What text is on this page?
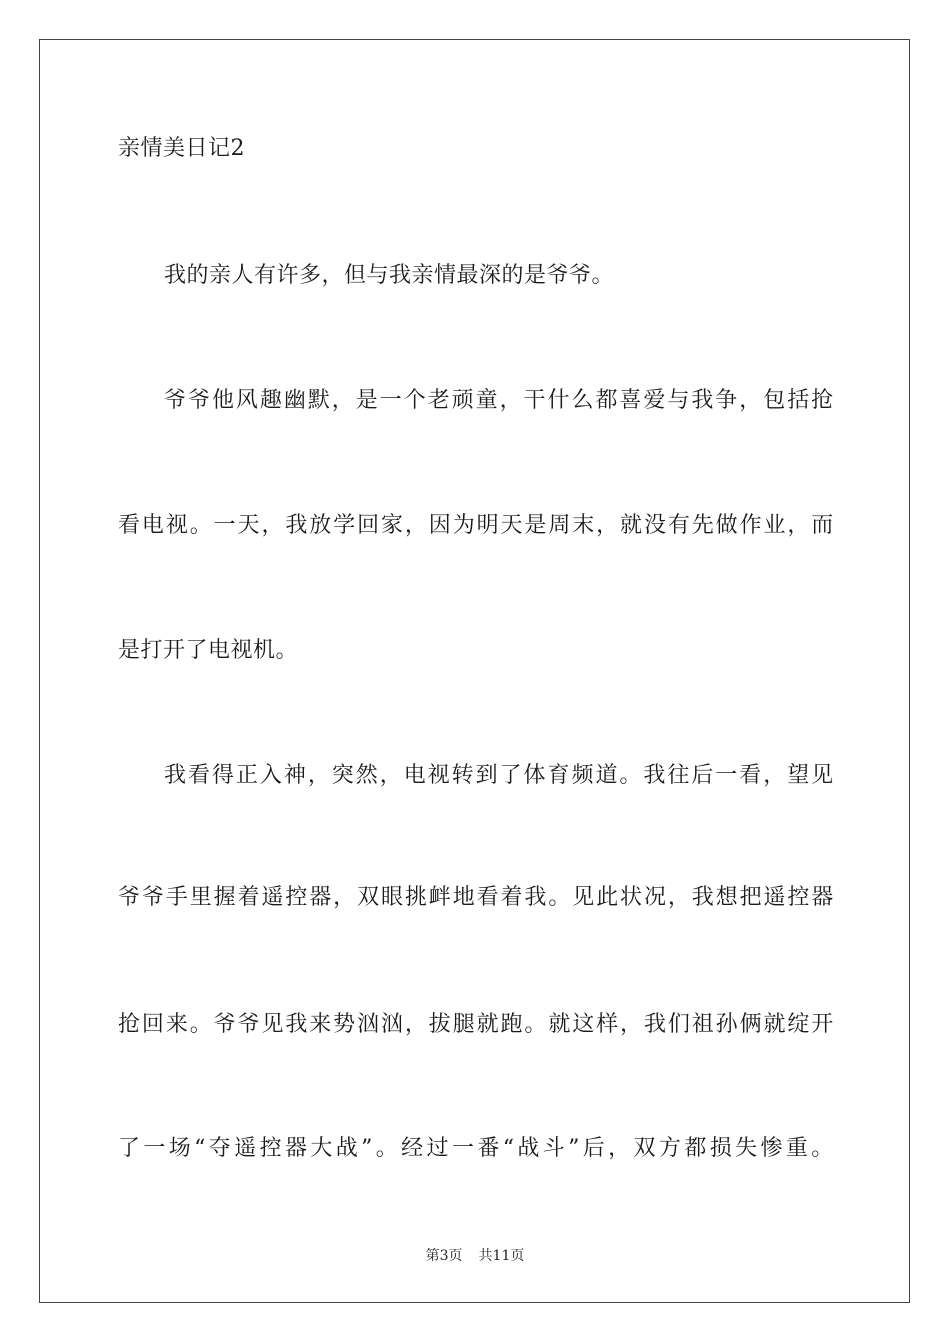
亲情美日记2
我的亲人有许多，但与我亲情最深的是爷爷。
爷 爷 他 风 趣 幽 默 ， 是 一 个 老 顽 童 ， 干 什 么 都 喜 爱 与 我 争 ， 包 括 抢
看 电 视 。 一 天 ， 我 放 学 回 家 ， 因 为 明 天 是 周 末 ， 就 没 有 先 做 作 业 ， 而
是打开了电视机。
我 看 得 正 入 神 ， 突 然 ， 电 视 转 到 了 体 育 频 道 。 我 往 后 一 看 ， 望 见
爷 爷 手 里 握 着 遥 控 器 ， 双 眼 挑 衅 地 看 着 我 。 见 此 状 况 ， 我 想 把 遥 控 器
抢 回 来 。 爷 爷 见 我 来 势 汹 汹 ， 拔 腿 就 跑 。 就 这 样 ， 我 们 祖 孙 俩 就 绽 开
了 一 场 “ 夺 遥 控 器 大 战 ” 。 经 过 一 番 “ 战 斗 ” 后 ， 双 方 都 损 失 惨 重 。
第3页 共11页
